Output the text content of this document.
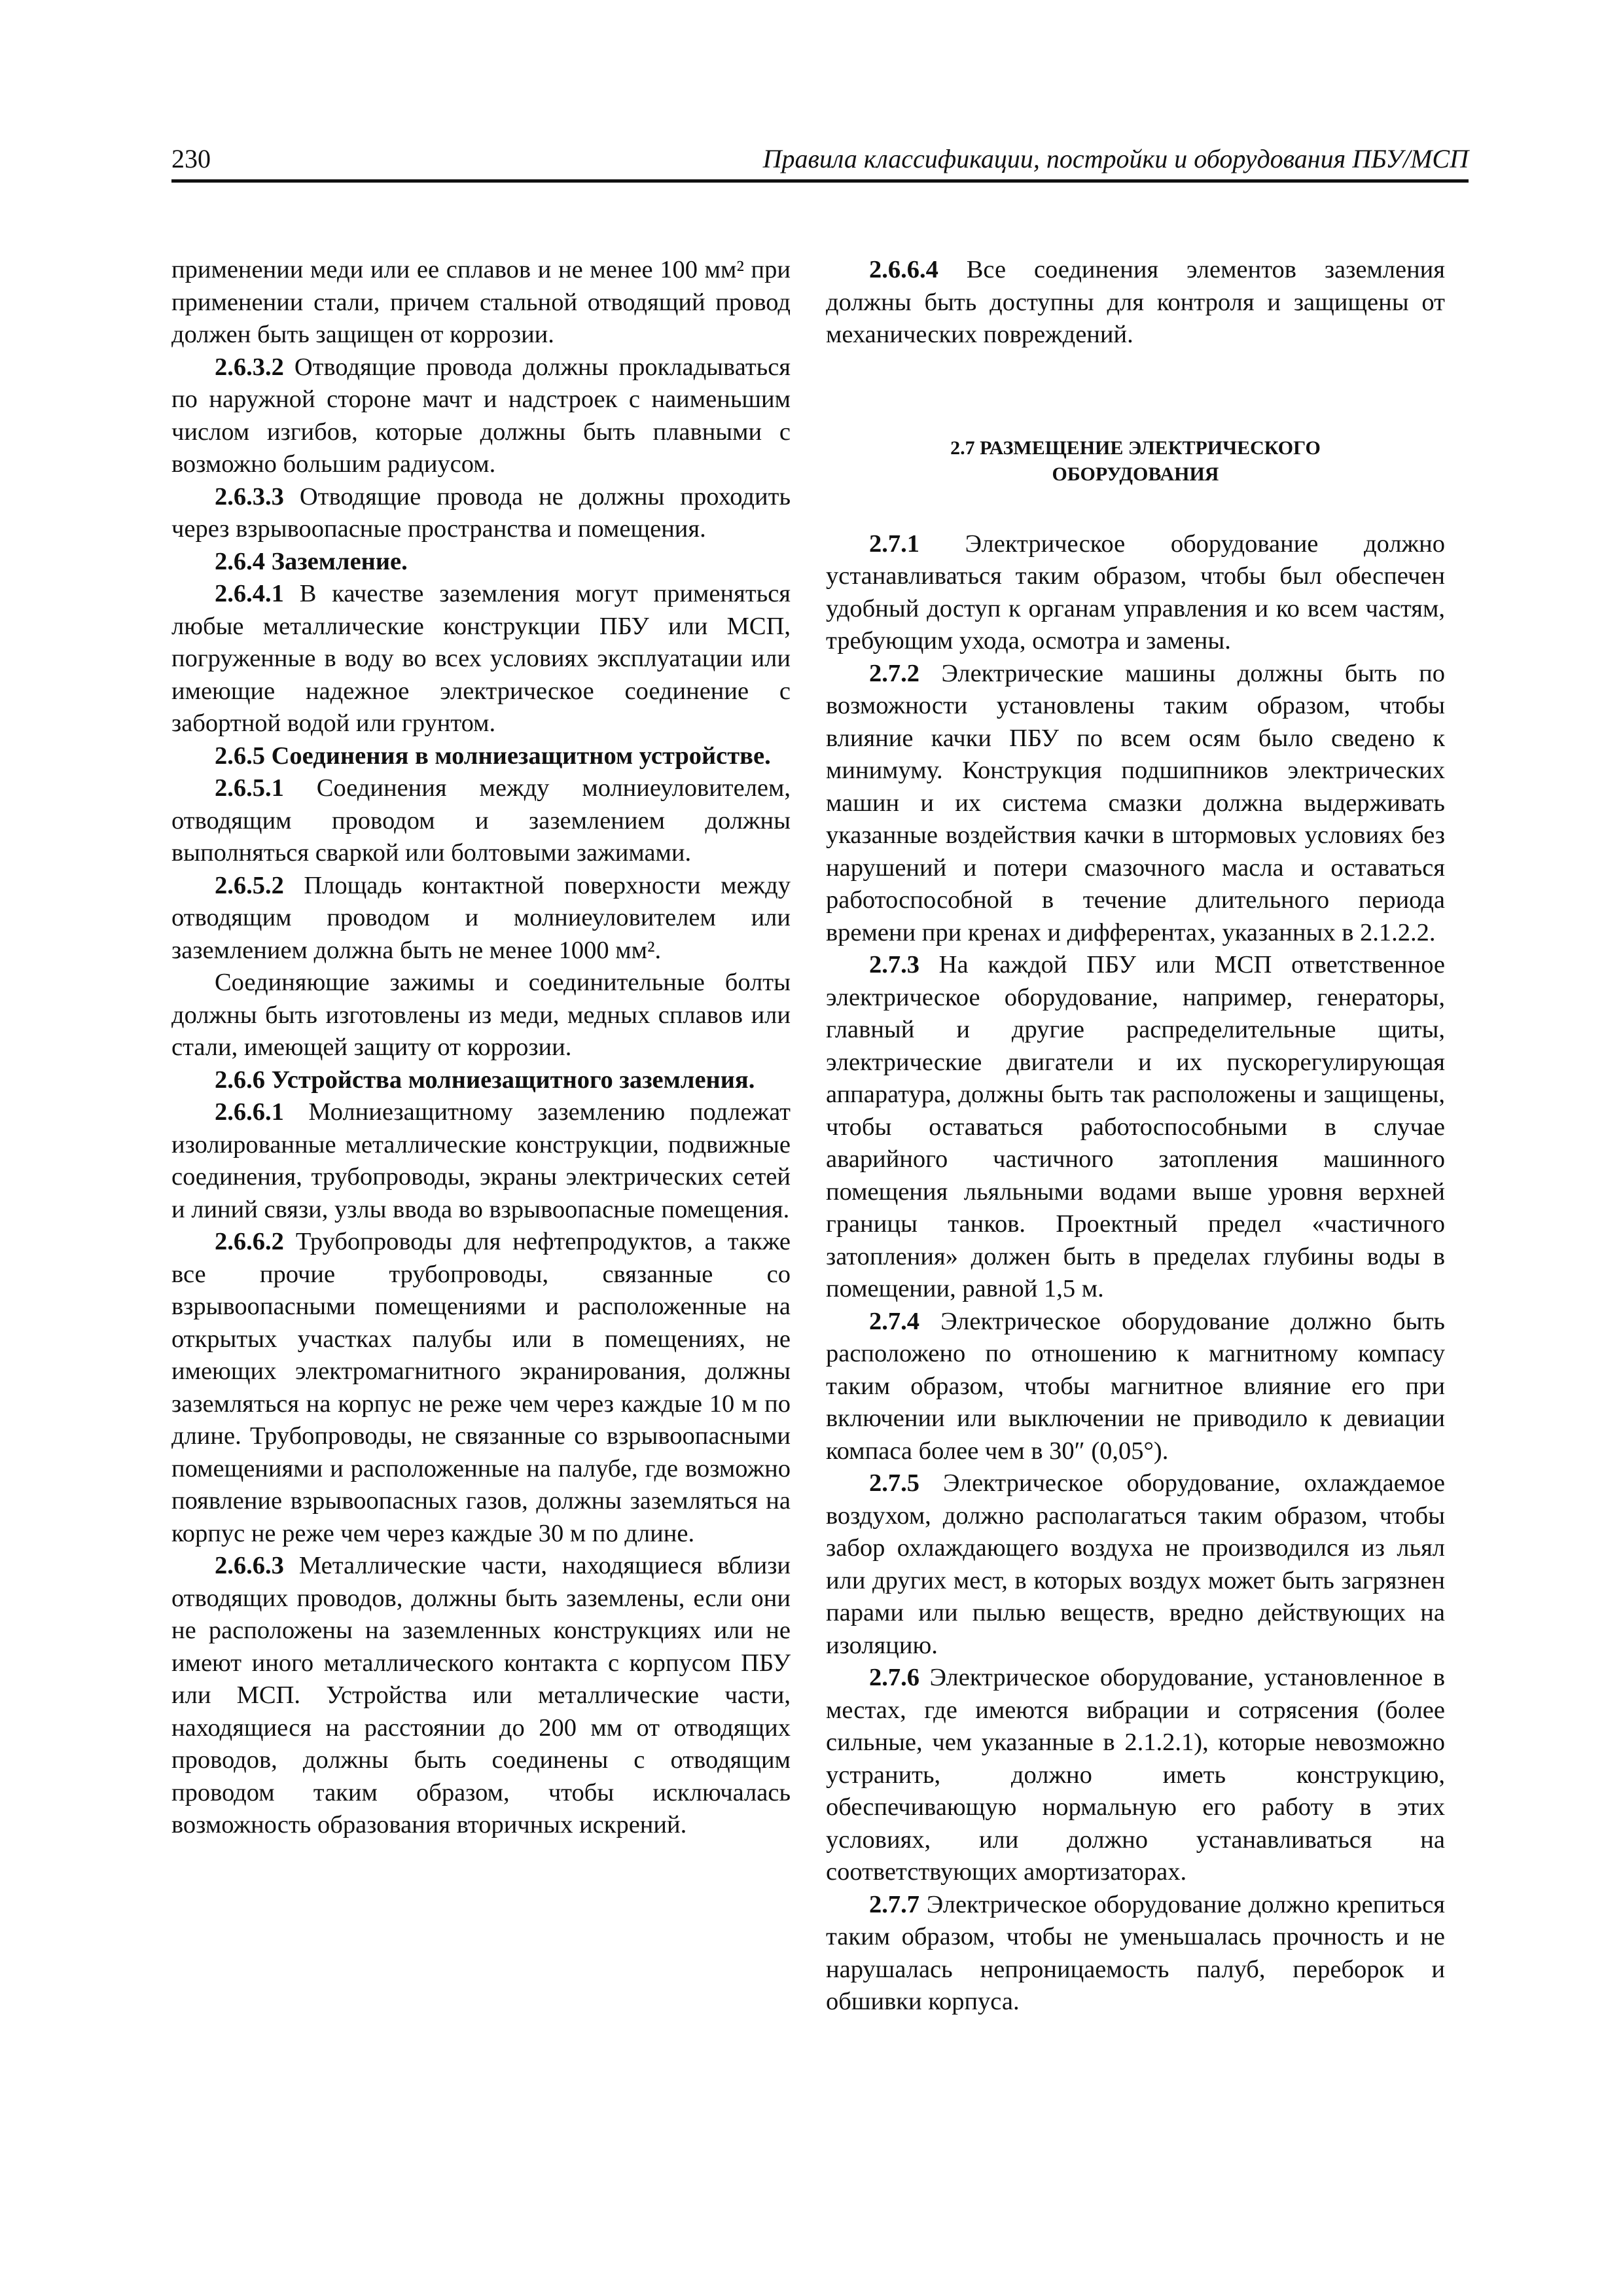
230	Правила классификации, постройки и оборудования ПБУ/МСП

применении меди или ее сплавов и не менее 100 мм² при применении стали, причем стальной отводящий провод должен быть защищен от коррозии.

2.6.3.2 Отводящие провода должны прокладываться по наружной стороне мачт и надстроек с наименьшим числом изгибов, которые должны быть плавными с возможно большим радиусом.

2.6.3.3 Отводящие провода не должны проходить через взрывоопасные пространства и помещения.

2.6.4 Заземление.

2.6.4.1 В качестве заземления могут применяться любые металлические конструкции ПБУ или МСП, погруженные в воду во всех условиях эксплуатации или имеющие надежное электрическое соединение с забортной водой или грунтом.

2.6.5 Соединения в молниезащитном устройстве.

2.6.5.1 Соединения между молниеуловителем, отводящим проводом и заземлением должны выполняться сваркой или болтовыми зажимами.

2.6.5.2 Площадь контактной поверхности между отводящим проводом и молниеуловителем или заземлением должна быть не менее 1000 мм².

Соединяющие зажимы и соединительные болты должны быть изготовлены из меди, медных сплавов или стали, имеющей защиту от коррозии.

2.6.6 Устройства молниезащитного заземления.

2.6.6.1 Молниезащитному заземлению подлежат изолированные металлические конструкции, подвижные соединения, трубопроводы, экраны электрических сетей и линий связи, узлы ввода во взрывоопасные помещения.

2.6.6.2 Трубопроводы для нефтепродуктов, а также все прочие трубопроводы, связанные со взрывоопасными помещениями и расположенные на открытых участках палубы или в помещениях, не имеющих электромагнитного экранирования, должны заземляться на корпус не реже чем через каждые 10 м по длине. Трубопроводы, не связанные со взрывоопасными помещениями и расположенные на палубе, где возможно появление взрывоопасных газов, должны заземляться на корпус не реже чем через каждые 30 м по длине.

2.6.6.3 Металлические части, находящиеся вблизи отводящих проводов, должны быть заземлены, если они не расположены на заземленных конструкциях или не имеют иного металлического контакта с корпусом ПБУ или МСП. Устройства или металлические части, находящиеся на расстоянии до 200 мм от отводящих проводов, должны быть соединены с отводящим проводом таким образом, чтобы исключалась возможность образования вторичных искрений.

2.6.6.4 Все соединения элементов заземления должны быть доступны для контроля и защищены от механических повреждений.

2.7 РАЗМЕЩЕНИЕ ЭЛЕКТРИЧЕСКОГО
ОБОРУДОВАНИЯ

2.7.1 Электрическое оборудование должно устанавливаться таким образом, чтобы был обеспечен удобный доступ к органам управления и ко всем частям, требующим ухода, осмотра и замены.

2.7.2 Электрические машины должны быть по возможности установлены таким образом, чтобы влияние качки ПБУ по всем осям было сведено к минимуму. Конструкция подшипников электрических машин и их система смазки должна выдерживать указанные воздействия качки в штормовых условиях без нарушений и потери смазочного масла и оставаться работоспособной в течение длительного периода времени при кренах и дифферентах, указанных в 2.1.2.2.

2.7.3 На каждой ПБУ или МСП ответственное электрическое оборудование, например, генераторы, главный и другие распределительные щиты, электрические двигатели и их пускорегулирующая аппаратура, должны быть так расположены и защищены, чтобы оставаться работоспособными в случае аварийного частичного затопления машинного помещения льяльными водами выше уровня верхней границы танков. Проектный предел «частичного затопления» должен быть в пределах глубины воды в помещении, равной 1,5 м.

2.7.4 Электрическое оборудование должно быть расположено по отношению к магнитному компасу таким образом, чтобы магнитное влияние его при включении или выключении не приводило к девиации компаса более чем в 30″ (0,05°).

2.7.5 Электрическое оборудование, охлаждаемое воздухом, должно располагаться таким образом, чтобы забор охлаждающего воздуха не производился из льял или других мест, в которых воздух может быть загрязнен парами или пылью веществ, вредно действующих на изоляцию.

2.7.6 Электрическое оборудование, установленное в местах, где имеются вибрации и сотрясения (более сильные, чем указанные в 2.1.2.1), которые невозможно устранить, должно иметь конструкцию, обеспечивающую нормальную его работу в этих условиях, или должно устанавливаться на соответствующих амортизаторах.

2.7.7 Электрическое оборудование должно крепиться таким образом, чтобы не уменьшалась прочность и не нарушалась непроницаемость палуб, переборок и обшивки корпуса.
